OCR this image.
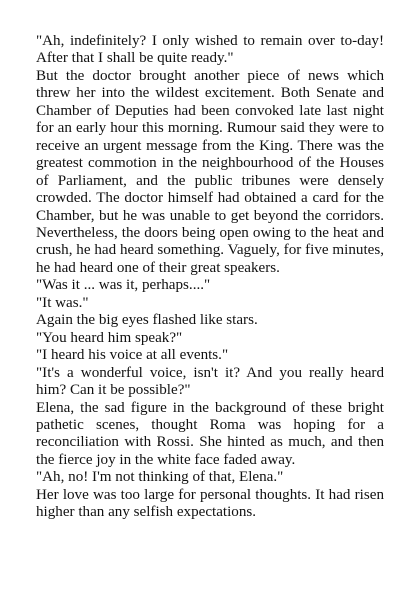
"Ah, indefinitely? I only wished to remain over to-day! After that I shall be quite ready."

But the doctor brought another piece of news which threw her into the wildest excitement. Both Senate and Chamber of Deputies had been convoked late last night for an early hour this morning. Rumour said they were to receive an urgent message from the King. There was the greatest commotion in the neighbourhood of the Houses of Parliament, and the public tribunes were densely crowded. The doctor himself had obtained a card for the Chamber, but he was unable to get beyond the corridors. Nevertheless, the doors being open owing to the heat and crush, he had heard something. Vaguely, for five minutes, he had heard one of their great speakers.

"Was it ... was it, perhaps...."

"It was."

Again the big eyes flashed like stars.

"You heard him speak?"

"I heard his voice at all events."

"It's a wonderful voice, isn't it? And you really heard him? Can it be possible?"

Elena, the sad figure in the background of these bright pathetic scenes, thought Roma was hoping for a reconciliation with Rossi. She hinted as much, and then the fierce joy in the white face faded away.

"Ah, no! I'm not thinking of that, Elena."

Her love was too large for personal thoughts. It had risen higher than any selfish expectations.
